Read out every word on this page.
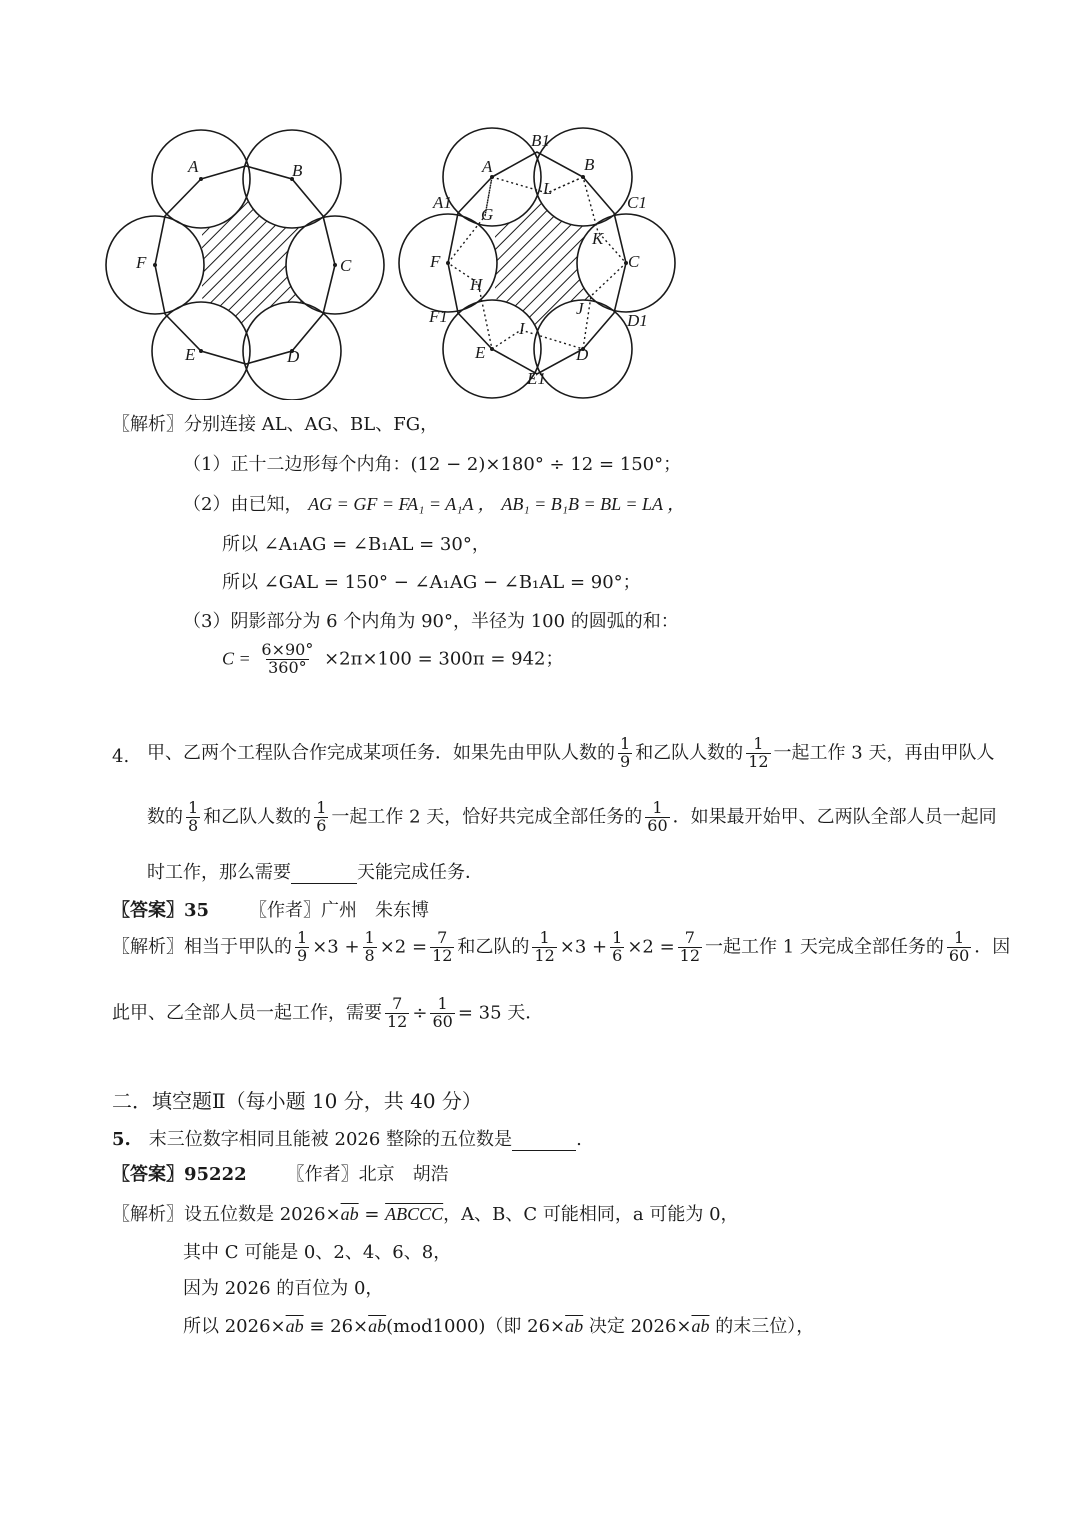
A	B
C
D
E
F
A	B
C
D
E
F
A1
B1
C1
D1
E1
F1
G
H
I
J
K
L
〖解析〗分别连接 AL、AG、BL、FG，
（1）正十二边形每个内角：(12 − 2)×180° ÷ 12 = 150°；
（2）由已知， AG = GF = FA₁ = A₁A ， AB₁ = B₁B = BL = LA ，
所以 ∠A₁AG = ∠B₁AL = 30°，
所以 ∠GAL = 150° − ∠A₁AG − ∠B₁AL = 90°；
（3）阴影部分为 6 个内角为 90°，半径为 100 的圆弧的和：
$C = \frac{6\times 90^\circ}{360^\circ} \times 2\pi\times 100 = 300\pi = 942$；
4. 甲、乙两个工程队合作完成某项任务．如果先由甲队人数的 $\frac{1}{9}$ 和乙队人数的 $\frac{1}{12}$ 一起工作 3 天，再由甲队人
数的 $\frac{1}{8}$ 和乙队人数的 $\frac{1}{6}$ 一起工作 2 天，恰好共完成全部任务的 $\frac{1}{60}$ ．如果最开始甲、乙两队全部人员一起同
时工作，那么需要	天能完成任务．
〖答案〗35 〖作者〗广州　朱东博
〖解析〗相当于甲队的 $\frac{1}{9} \times 3 + \frac{1}{8} \times 2 = \frac{7}{12}$ 和乙队的 $\frac{1}{12} \times 3 + \frac{1}{6} \times 2 = \frac{7}{12}$ 一起工作 1 天完成全部任务的 $\frac{1}{60}$ ．因
此甲、乙全部人员一起工作，需要 $\frac{7}{12} \div \frac{1}{60} = 35$ 天．
二．填空题Ⅱ（每小题 10 分，共 40 分）
5. 末三位数字相同且能被 2026 整除的五位数是	.
〖答案〗95222 〖作者〗北京　胡浩
〖解析〗设五位数是 $2026\times\overline{ab}$ = ABCCC，A、B、C 可能相同，a 可能为 0，
其中 C 可能是 0、2、4、6、8，
因为 2026 的百位为 0，
所以 $2026\times\overline{ab} \equiv 26\times\overline{ab}(mod1000)$（即 $26\times\overline{ab}$ 决定 $2026\times\overline{ab}$ 的末三位），
